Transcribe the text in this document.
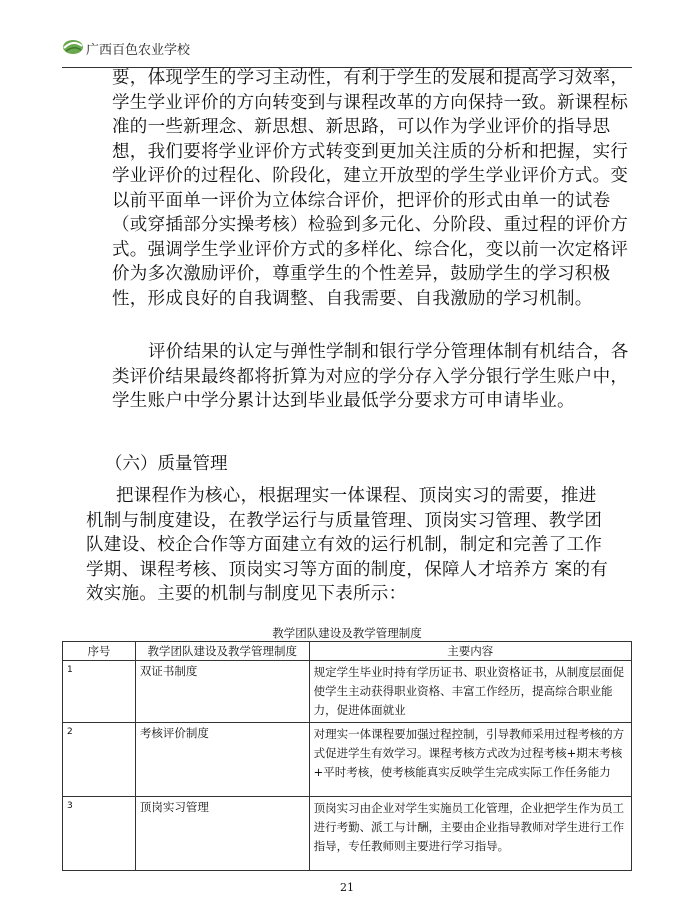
广西百色农业学校

要，体现学生的学习主动性，有利于学生的发展和提高学习效率，学生学业评价的方向转变到与课程改革的方向保持一致。新课程标准的一些新理念、新思想、新思路，可以作为学业评价的指导思想，我们要将学业评价方式转变到更加关注质的分析和把握，实行学业评价的过程化、阶段化，建立开放型的学生学业评价方式。变以前平面单一评价为立体综合评价，把评价的形式由单一的试卷（或穿插部分实操考核）检验到多元化、分阶段、重过程的评价方式。强调学生学业评价方式的多样化、综合化，变以前一次定格评价为多次激励评价，尊重学生的个性差异，鼓励学生的学习积极性，形成良好的自我调整、自我需要、自我激励的学习机制。

评价结果的认定与弹性学制和银行学分管理体制有机结合，各类评价结果最终都将折算为对应的学分存入学分银行学生账户中，学生账户中学分累计达到毕业最低学分要求方可申请毕业。

（六）质量管理

把课程作为核心，根据理实一体课程、顶岗实习的需要，推进机制与制度建设，在教学运行与质量管理、顶岗实习管理、教学团队建设、校企合作等方面建立有效的运行机制，制定和完善了工作学期、课程考核、顶岗实习等方面的制度，保障人才培养方 案的有效实施。主要的机制与制度见下表所示：

教学团队建设及教学管理制度
序号	教学团队建设及教学管理制度	主要内容
1	双证书制度	规定学生毕业时持有学历证书、职业资格证书，从制度层面促使学生主动获得职业资格、丰富工作经历，提高综合职业能力，促进体面就业
2	考核评价制度	对理实一体课程要加强过程控制，引导教师采用过程考核的方式促进学生有效学习。课程考核方式改为过程考核+期末考核+平时考核，使考核能真实反映学生完成实际工作任务能力
3	顶岗实习管理	顶岗实习由企业对学生实施员工化管理，企业把学生作为员工进行考勤、派工与计酬，主要由企业指导教师对学生进行工作指导，专任教师则主要进行学习指导。
21
